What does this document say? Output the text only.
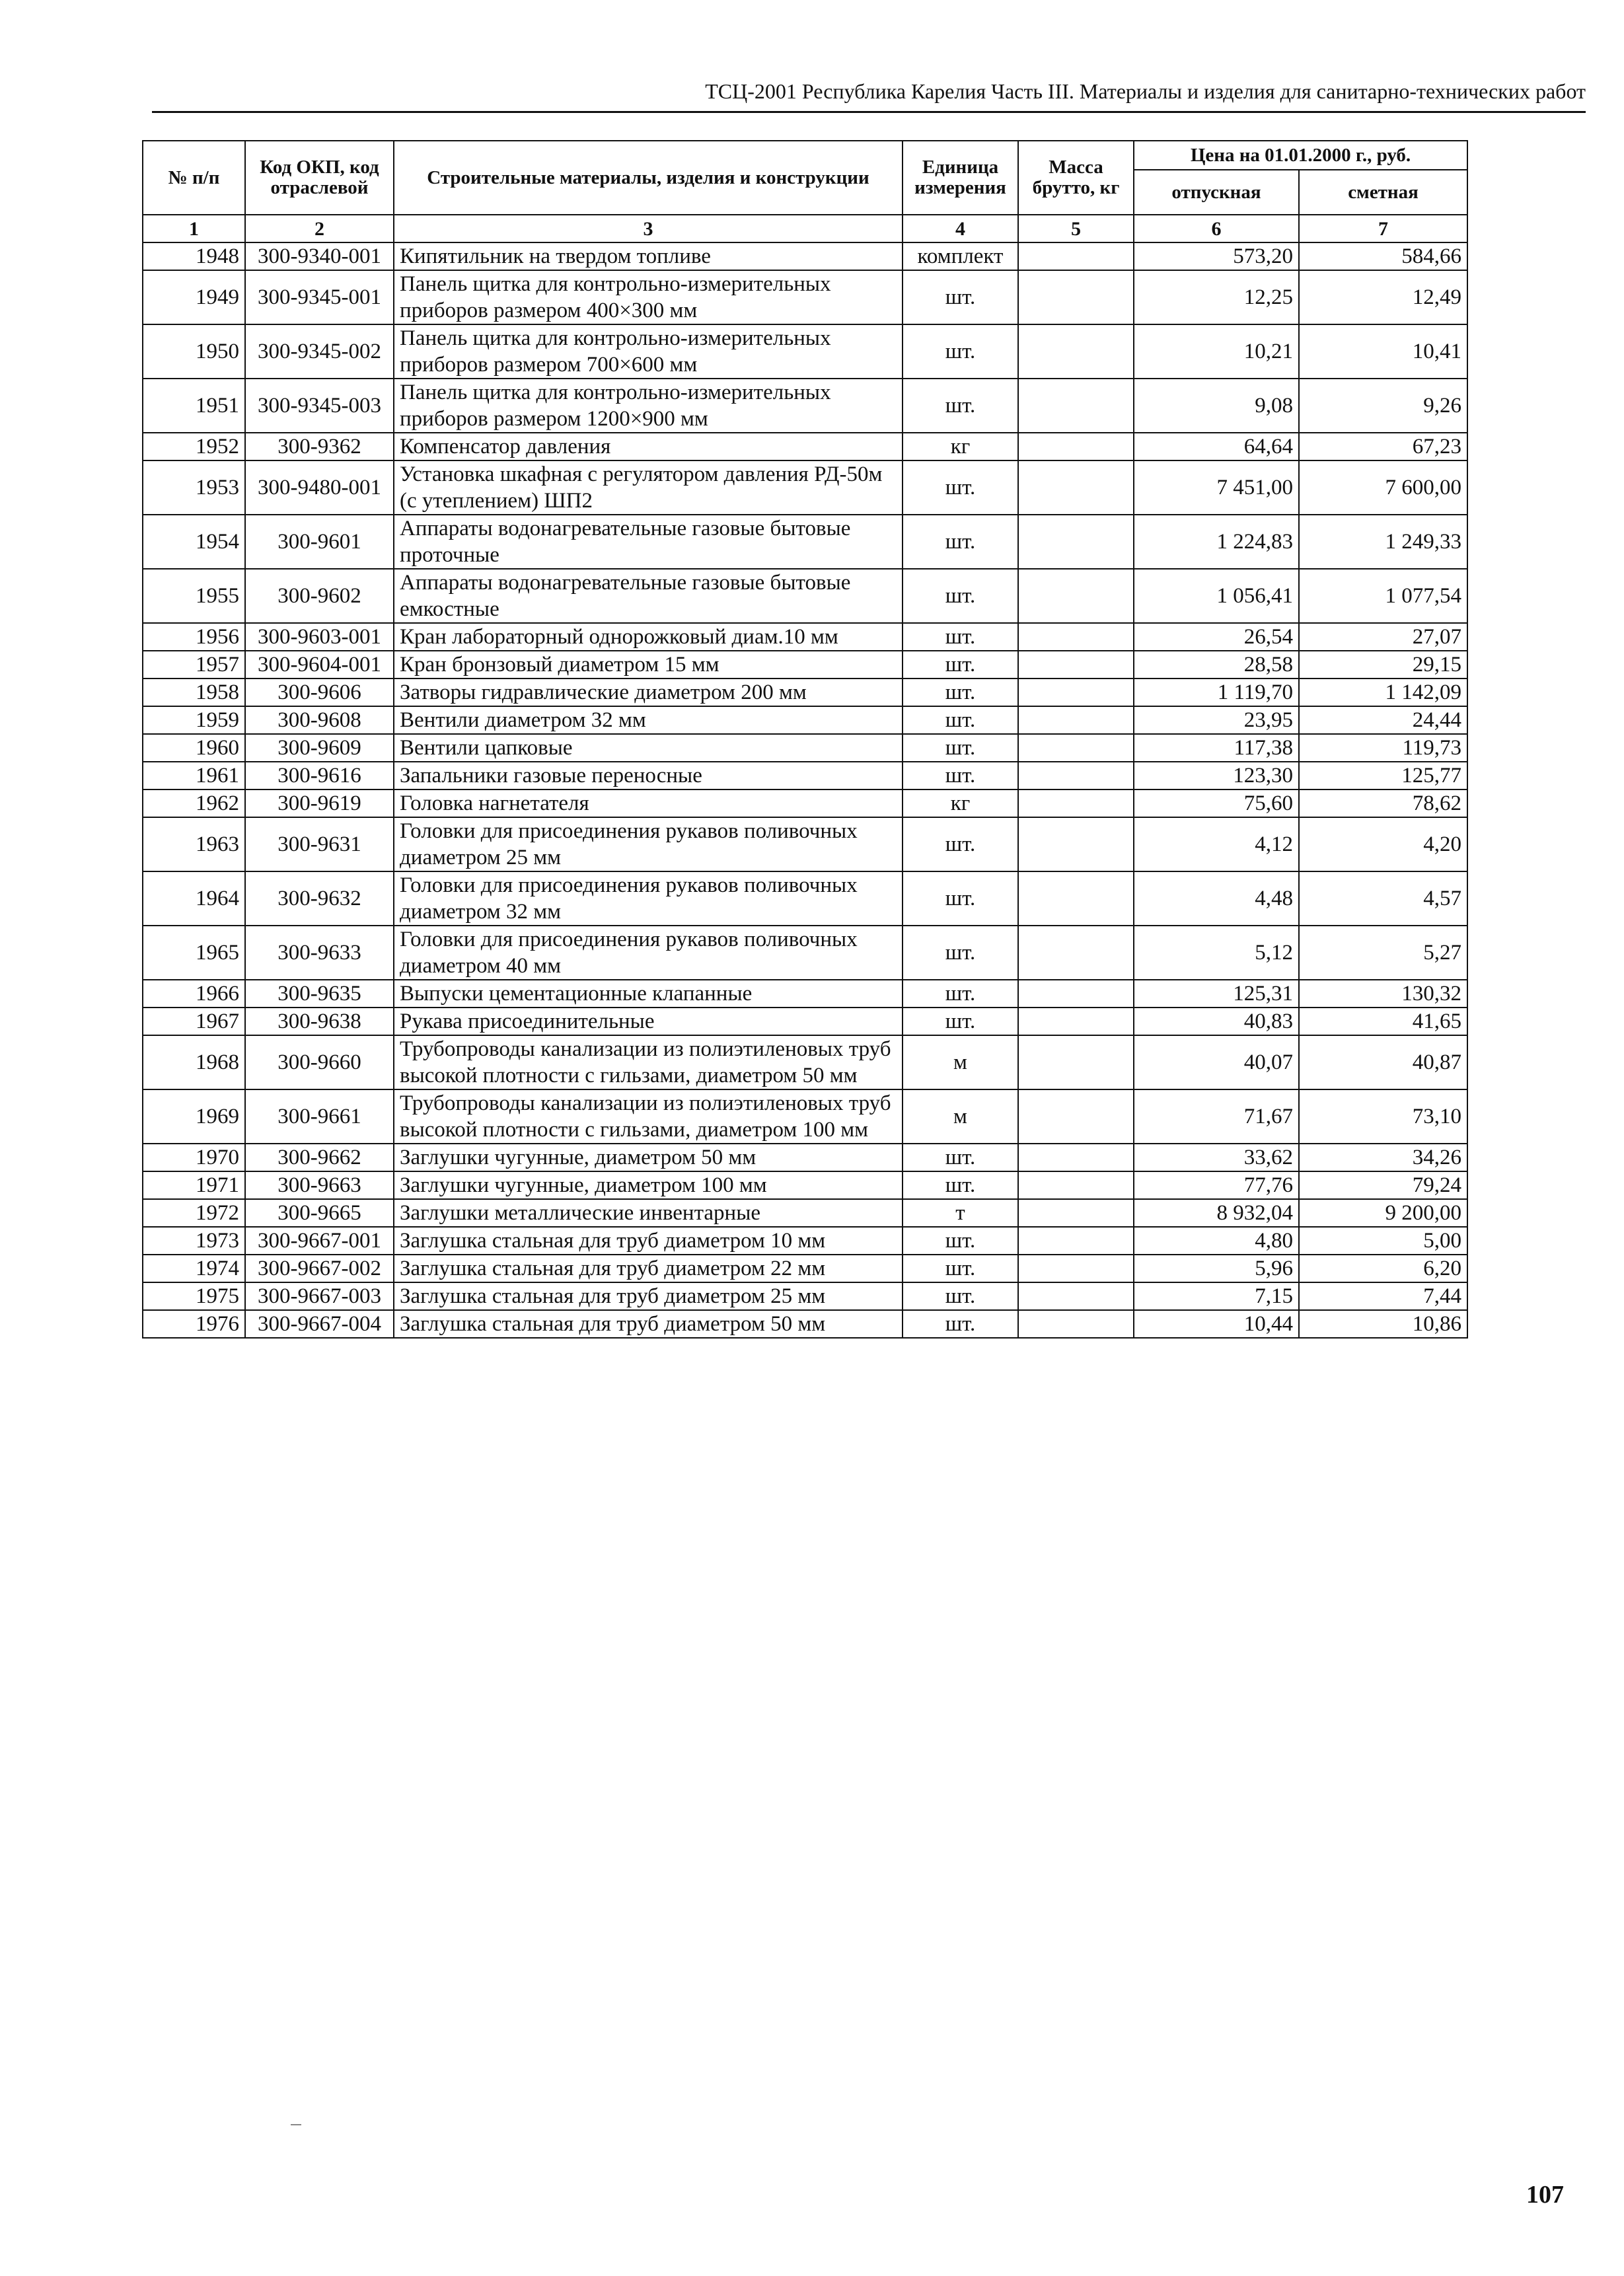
ТСЦ-2001 Республика Карелия Часть III. Материалы и изделия для санитарно-технических работ
№ п/п	Код ОКП, код отраслевой	Строительные материалы, изделия и конструкции	Единица измерения	Масса брутто, кг	Цена на 01.01.2000 г., руб.	
					отпускная	сметная
1	2	3	4	5	6	7
1948	300-9340-001	Кипятильник на твердом топливе	комплект		573,20	584,66
1949	300-9345-001	Панель щитка для контрольно-измерительных приборов размером 400×300 мм	шт.		12,25	12,49
1950	300-9345-002	Панель щитка для контрольно-измерительных приборов размером 700×600 мм	шт.		10,21	10,41
1951	300-9345-003	Панель щитка для контрольно-измерительных приборов размером 1200×900 мм	шт.		9,08	9,26
1952	300-9362	Компенсатор давления	кг		64,64	67,23
1953	300-9480-001	Установка шкафная с регулятором давления РД-50м (с утеплением) ШП2	шт.		7 451,00	7 600,00
1954	300-9601	Аппараты водонагревательные газовые бытовые проточные	шт.		1 224,83	1 249,33
1955	300-9602	Аппараты водонагревательные газовые бытовые емкостные	шт.		1 056,41	1 077,54
1956	300-9603-001	Кран лабораторный однорожковый диам.10 мм	шт.		26,54	27,07
1957	300-9604-001	Кран бронзовый диаметром 15 мм	шт.		28,58	29,15
1958	300-9606	Затворы гидравлические диаметром 200 мм	шт.		1 119,70	1 142,09
1959	300-9608	Вентили диаметром 32 мм	шт.		23,95	24,44
1960	300-9609	Вентили цапковые	шт.		117,38	119,73
1961	300-9616	Запальники газовые переносные	шт.		123,30	125,77
1962	300-9619	Головка нагнетателя	кг		75,60	78,62
1963	300-9631	Головки для присоединения рукавов поливочных диаметром 25 мм	шт.		4,12	4,20
1964	300-9632	Головки для присоединения рукавов поливочных диаметром 32 мм	шт.		4,48	4,57
1965	300-9633	Головки для присоединения рукавов поливочных диаметром 40 мм	шт.		5,12	5,27
1966	300-9635	Выпуски цементационные клапанные	шт.		125,31	130,32
1967	300-9638	Рукава присоединительные	шт.		40,83	41,65
1968	300-9660	Трубопроводы канализации из полиэтиленовых труб высокой плотности с гильзами, диаметром 50 мм	м		40,07	40,87
1969	300-9661	Трубопроводы канализации из полиэтиленовых труб высокой плотности с гильзами, диаметром 100 мм	м		71,67	73,10
1970	300-9662	Заглушки чугунные, диаметром 50 мм	шт.		33,62	34,26
1971	300-9663	Заглушки чугунные, диаметром 100 мм	шт.		77,76	79,24
1972	300-9665	Заглушки металлические инвентарные	т		8 932,04	9 200,00
1973	300-9667-001	Заглушка стальная для труб диаметром 10 мм	шт.		4,80	5,00
1974	300-9667-002	Заглушка стальная для труб диаметром 22 мм	шт.		5,96	6,20
1975	300-9667-003	Заглушка стальная для труб диаметром 25 мм	шт.		7,15	7,44
1976	300-9667-004	Заглушка стальная для труб диаметром 50 мм	шт.		10,44	10,86
107
